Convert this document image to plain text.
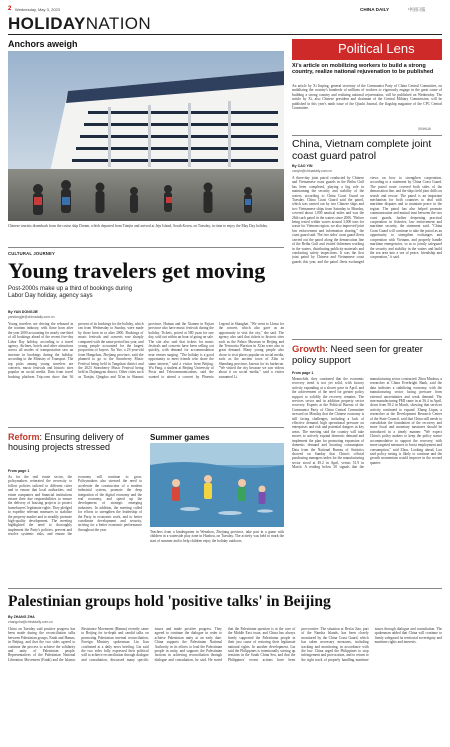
2 Wednesday, May 3, 2023	CHINA DAILY	中国日报
HOLIDAYNATION
Anchors aweigh
Chinese tourists disembark from the cruise ship Dream, which departed from Tianjin and arrived at Jeju Island, South Korea, on Tuesday, in time to enjoy the May Day holiday.
Political Lens
Xi's article on mobilizing workers to build a strong country, realize national rejuvenation to be published
An article by Xi Jinping, general secretary of the Communist Party of China Central Committee, on mobilizing the country's hundreds of millions of workers to vigorously engage in the great cause of building a strong country and realizing national rejuvenation, will be published on Wednesday. The article by Xi, also Chinese president and chairman of the Central Military Commission, will be published in this year's ninth issue of the Qiushi Journal, the flagship magazine of the CPC Central Committee.
XINHUA
China, Vietnam complete joint coast guard patrol
By CAO YIN
caoyin@chinadaily.com.cn
A three-day joint patrol conducted by Chinese and Vietnamese coast guards in the Beibu Gulf has been completed, playing a big role in maintaining the security and stability of the waters, according to China Coast Guard on Tuesday. China Coast Guard said the patrol, which was carried out by two Chinese ships and two Vietnamese ships from Saturday to Monday, covered about 1,000 nautical miles and was the 26th such patrol in the waters since 2006. "Before being tested within waves around 3,000 tons for waste for Vietnam region, we also improved joint law enforcement and information sharing," the coast guard said. The two sides' coast guard fleets carried out the patrol along the demarcation line of the Beibu Gulf and visited fishermen working in the waters, distributing publicity materials and conducting safety inspections. It was the first joint patrol by Chinese and Vietnamese coast guards this year, and the patrol fleets exchanged views on how to strengthen cooperation, according to a statement by China Coast Guard. The patrol route covered both sides of the demarcation line, and the ships held joint drills on search and rescue. The patrol is an important mechanism for both countries to deal with maritime disputes and to maintain peace in the region. The patrol has also helped promote communication and mutual trust between the two coast guards, further deepening practical cooperation in fisheries, law enforcement and maritime security, the statement said. "China Coast Guard will continue to take the patrol as an opportunity to strengthen exchanges and cooperation with Vietnam, and properly handle maritime emergencies, so as to jointly safeguard the security and stability in the waters and build the sea area into a sea of peace, friendship and cooperation," it said.
Growth: Need seen for greater policy support
From page 1
Meanwhile, they cautioned that the economic recovery trend is not yet solid, with factory activity expanding at a slower pace in April, and the achievement of the need for greater policy support to solidify the recovery remains. The services sector and in addition property sector recovery. Experts at the Political Bureau of the Communist Party of China Central Committee stressed on Monday that the Chinese economy is still facing challenges, including a lack of effective demand, high operational pressure on enterprises and risk and potential dangers in key areas. The meeting said the country will take moves to actively expand domestic demand and implement the plan for promoting expansion of domestic demand and boosting consumption. Data from the National Bureau of Statistics showed on Sunday that China's official purchasing managers index for the manufacturing sector stood at 49.2 in April, versus 51.9 in March. A reading below 50 signals that the manufacturing sector contracted. Zhou Maohua, a researcher at China Everbright Bank, said the data indicates a stabilizing economy, with the manufacturing sector facing pressure from external uncertainties and weak demand. The non-manufacturing PMI came in at 56.4 in April, down from 58.2 in March, showing that services activity continued to expand. Zhang Liqun, a researcher at the Development Research Center of the State Council, said that China still needs to consolidate the foundation of the recovery and more fiscal and monetary measures should be introduced in a timely manner. "We expect China's policy makers to keep the policy stance accommodative to support the recovery, with more targeted measures to boost employment and consumption," said Zhou. Looking ahead, Lou said policy easing is likely to continue and the growth momentum would improve in the second quarter.
CULTURAL JOURNEY
Young travelers get moving
Post-2000s make up a third of bookings during Labor Day holiday, agency says
By YAN DONGJIE
yandongjie@chinadaily.com.cn
Young travelers are driving the rebound in the tourism industry, with those born after the year 2000 accounting for nearly one-third of all bookings ahead of the recent five-day Labor Day holiday, according to a travel agency. Airlines, hotels and other attractions across all modes of transportation saw an increase in bookings during the holiday, according to the Ministry of Transport. The top picks among young travelers are concerts, music festivals and historic sites popular on social media. Data from travel booking platform Trip.com show that 36 percent of its bookings for the holiday, which ran from Wednesday to Sunday, were made by those born in or after 2000. Bookings of music festivals and concerts rose sharply compared with the same period last year, and young people accounted for the largest proportion of buyers. Xu Yue, a 23-year-old from Hangzhou, Zhejiang province, said she planned to go to the Strawberry Music Festival being held in Tangshan district and the 2023 Strawberry Music Festival being held in Dujiangyan district. Other cities such as Tianjin, Qingdao and Xi'an in Shaanxi province, Hainan and the Xiamen in Fujian province also have music festivals during the holiday. Tickets, priced at 580 yuan for one day, sold out within an hour of going on sale. The site also said that tickets for music festivals and concerts have been selling out quickly, with demand for accommodation near venues surging. "The holiday is a good opportunity to meet friends who share the same interest," said a visitor from Beijing. Wu Fang, a student at Beijing University of Posts and Telecommunications, said she wanted to attend a concert by Phoenix Legend in Shanghai. "We went to Lhasa for the concert, which also gave us an opportunity to visit the city," she said. The agency also said that tickets to historic sites such as the Palace Museum in Beijing and the Terracotta Warriors in Xi'an were also in great demand. Many young people also chose to visit places popular on social media, such as the ancient town of Zibo in Shandong province, known for its barbecue. "We visited the city because we saw videos about it on social media," said a visitor surnamed Li.
Reform: Ensuring delivery of housing projects stressed
From page 1
As for the real estate sector, the policymakers reiterated the necessity to follow policies tailored to different cities and to ensure that local authorities, real estate companies and financial institutions ensure their due responsibilities to ensure the delivery of housing projects to protect homebuyers' legitimate rights. They pledged to expedite relevant measures to stabilize the property market and to steadily promote high-quality development. The meeting highlighted the need to thoroughly implement the Party's policies, prevent and resolve systemic risks, and ensure the economy will continue to grow. Policymakers also stressed the need to accelerate the construction of a modern industrial system, promote the deep integration of the digital economy and the real economy, and speed up the development of strategic emerging industries. In addition, the meeting called for efforts to strengthen the leadership of the Party in economic work, and to better coordinate development and security, striving for a better economic performance throughout the year.
Summer games
Teachers from a kindergarten in Wenzhou, Zhejiang province, take part in a game with children in a waterside play zone in Huzhou, on Tuesday. The activity was held to mark the start of summer and to help children enjoy the holiday outdoors.
Palestinian groups hold 'positive talks' in Beijing
By ZHANG ZHA
zhangzha@chinadaily.com.cn
China on Tuesday said positive progress has been made during the reconciliation talks between Palestinian groups, Fatah and Hamas, in Beijing, and that the two sides agreed to continue the process to achieve the solidarity and unity of Palestinian people. Representatives of the Palestinian National Liberation Movement (Fatah) and the Islamic Resistance Movement (Hamas) recently came to Beijing for in-depth and candid talks on promoting Palestinian internal reconciliation, Foreign Ministry spokesman Lin Jian confirmed at a daily news briefing. Lin said the two sides fully expressed their political will to achieve reconciliation through dialogue and consultation, discussed many specific issues and made positive progress. They agreed to continue the dialogue in order to achieve Palestinian unity at an early date. China supports the Palestinian National Authority in its efforts to lead the Palestinian people in unity, and supports the Palestinian factions in achieving reconciliation through dialogue and consultation, he said. He noted that the Palestinian question is at the core of the Middle East issue, and China has always firmly supported the Palestinian people in their just cause of restoring their legitimate national rights. In another development, Lin said the Philippines is intentionally stirring up tensions in the South China Sea, and that the Philippines' recent actions have been provocative. The situation at Ren'ai Jiao, part of the Nansha Islands, has been closely monitored by the China Coast Guard, which has taken necessary measures, including tracking and monitoring, in accordance with the law. China urged the Philippines to stop infringement and provocation, and to return to the right track of properly handling maritime issues through dialogue and consultation. The spokesman added that China will continue to firmly safeguard its territorial sovereignty and maritime rights and interests.
